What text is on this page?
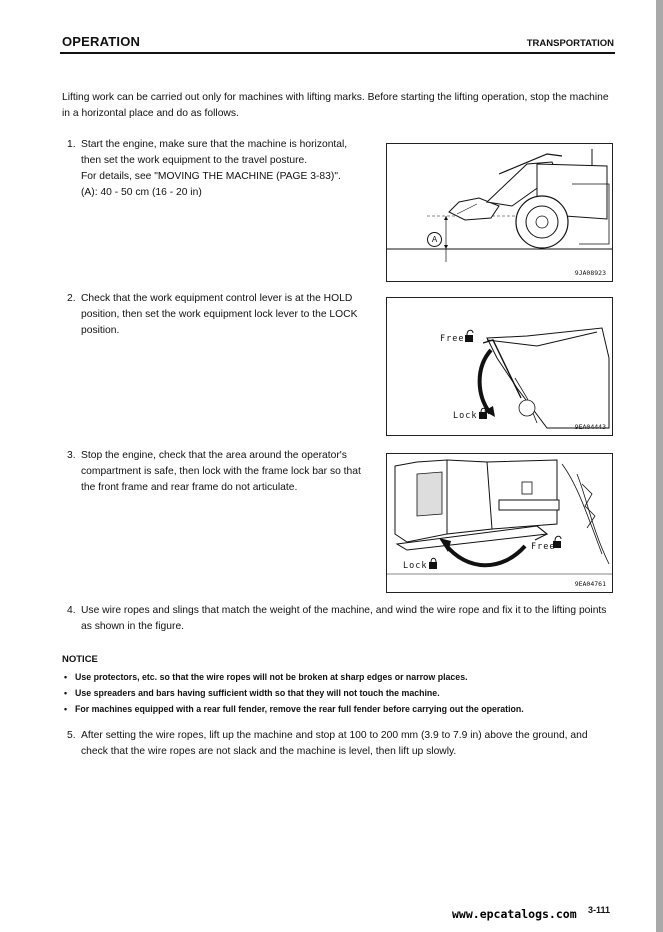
OPERATION	TRANSPORTATION
Lifting work can be carried out only for machines with lifting marks. Before starting the lifting operation, stop the machine in a horizontal place and do as follows.
1. Start the engine, make sure that the machine is horizontal,
then set the work equipment to the travel posture.
For details, see "MOVING THE MACHINE (PAGE 3-83)".
(A): 40 - 50 cm (16 - 20 in)
A
9JA08923
2. Check that the work equipment control lever is at the HOLD
position, then set the work equipment lock lever to the LOCK
position.
Free
Lock
9EA04443
3. Stop the engine, check that the area around the operator's
compartment is safe, then lock with the frame lock bar so that
the front frame and rear frame do not articulate.
Free
Lock
9EA04761
4. Use wire ropes and slings that match the weight of the machine, and wind the wire rope and fix it to the lifting points as shown in the figure.
NOTICE
• Use protectors, etc. so that the wire ropes will not be broken at sharp edges or narrow places.
• Use spreaders and bars having sufficient width so that they will not touch the machine.
• For machines equipped with a rear full fender, remove the rear full fender before carrying out the operation.
5. After setting the wire ropes, lift up the machine and stop at 100 to 200 mm (3.9 to 7.9 in) above the ground, and check that the wire ropes are not slack and the machine is level, then lift up slowly.
3-111
www.epcatalogs.com
